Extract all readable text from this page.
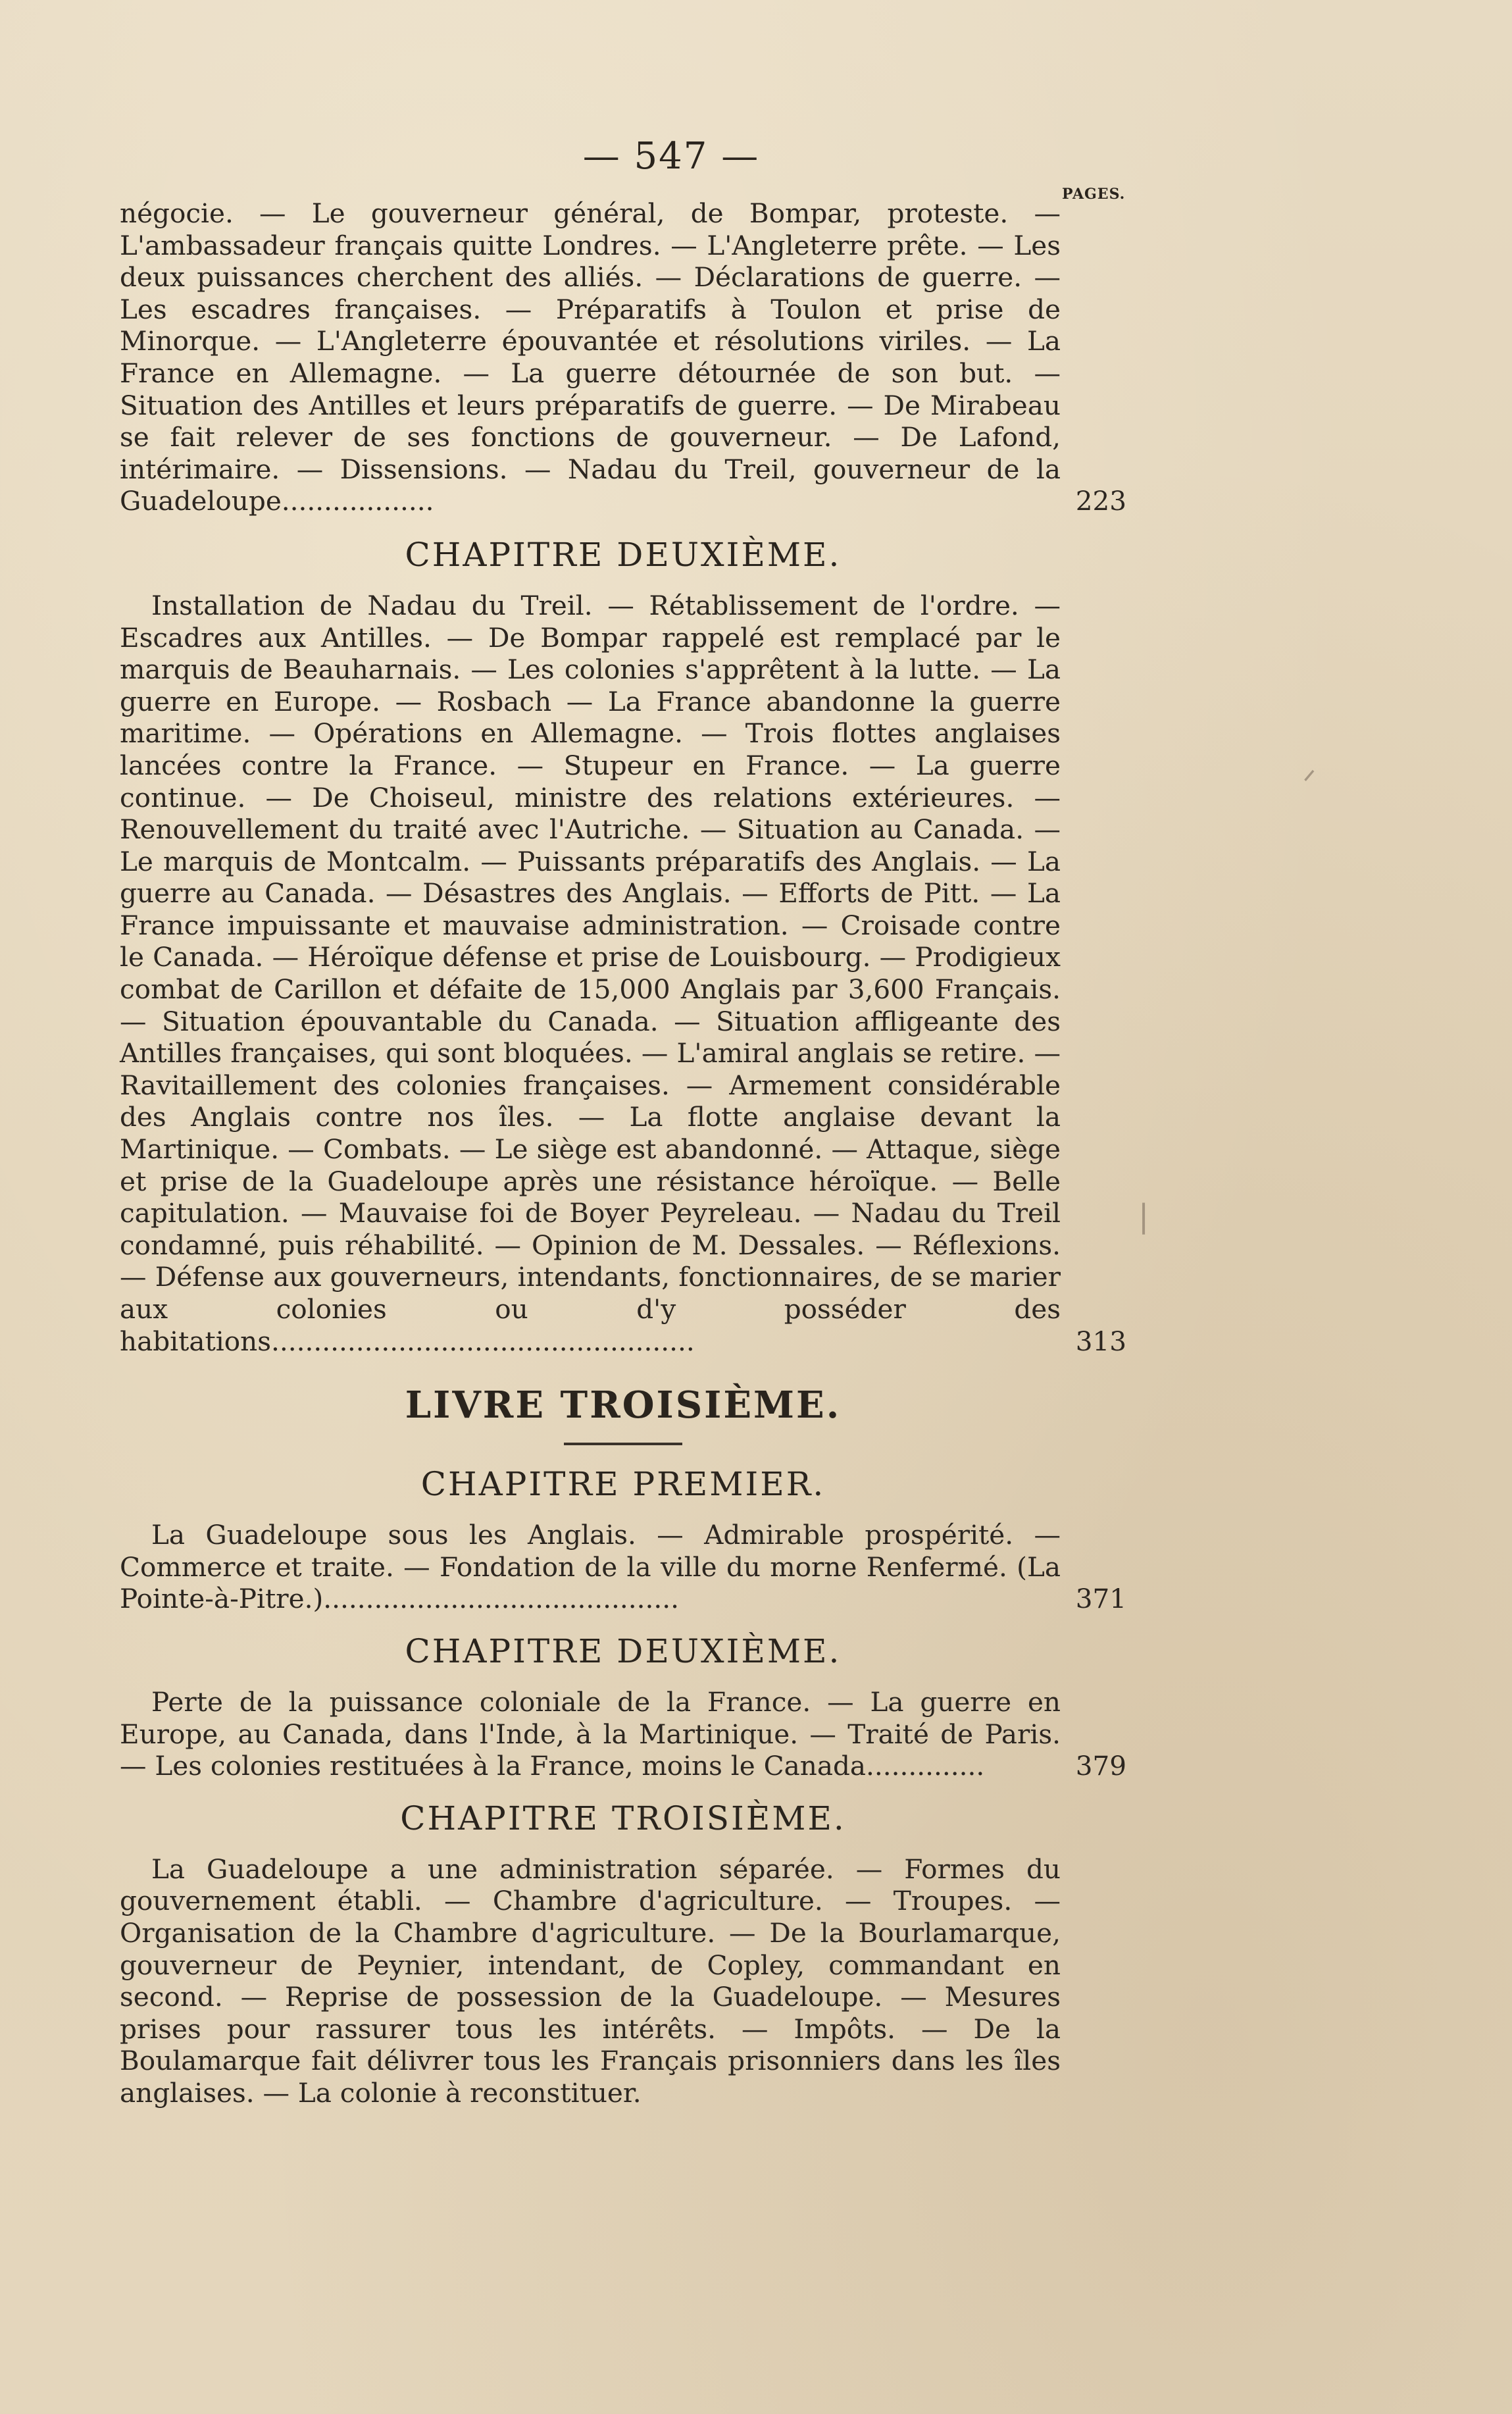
— 547 —
PAGES.
|
ᐟ

négocie. — Le gouverneur général, de Bompar, proteste. — L'ambassadeur français quitte Londres. — L'Angleterre prête. — Les deux puissances cherchent des alliés. — Déclarations de guerre. — Les escadres françaises. — Préparatifs à Toulon et prise de Minorque. — L'Angleterre épouvantée et résolutions viriles. — La France en Allemagne. — La guerre détournée de son but. — Situation des Antilles et leurs préparatifs de guerre. — De Mirabeau se fait relever de ses fonctions de gouverneur. — De Lafond, intérimaire. — Dissensions. — Nadau du Treil, gouverneur de la Guadeloupe..................	223
CHAPITRE DEUXIÈME.

Installation de Nadau du Treil. — Rétablissement de l'ordre. — Escadres aux Antilles. — De Bompar rappelé est remplacé par le marquis de Beauharnais. — Les colonies s'apprêtent à la lutte. — La guerre en Europe. — Rosbach — La France abandonne la guerre maritime. — Opérations en Allemagne. — Trois flottes anglaises lancées contre la France. — Stupeur en France. — La guerre continue. — De Choiseul, ministre des relations extérieures. — Renouvellement du traité avec l'Autriche. — Situation au Canada. — Le marquis de Montcalm. — Puissants préparatifs des Anglais. — La guerre au Canada. — Désastres des Anglais. — Efforts de Pitt. — La France impuissante et mauvaise administration. — Croisade contre le Canada. — Héroïque défense et prise de Louisbourg. — Prodigieux combat de Carillon et défaite de 15,000 Anglais par 3,600 Français. — Situation épouvantable du Canada. — Situation affligeante des Antilles françaises, qui sont bloquées. — L'amiral anglais se retire. — Ravitaillement des colonies françaises. — Armement considérable des Anglais contre nos îles. — La flotte anglaise devant la Martinique. — Combats. — Le siège est abandonné. — Attaque, siège et prise de la Guadeloupe après une résistance héroïque. — Belle capitulation. — Mauvaise foi de Boyer Peyreleau. — Nadau du Treil condamné, puis réhabilité. — Opinion de M. Dessales. — Réflexions. — Défense aux gouverneurs, intendants, fonctionnaires, de se marier aux colonies ou d'y posséder des habitations..................................................	313
LIVRE TROISIÈME.
CHAPITRE PREMIER.

La Guadeloupe sous les Anglais. — Admirable prospérité. — Commerce et traite. — Fondation de la ville du morne Renfermé. (La Pointe-à-Pitre.)..........................................	371
CHAPITRE DEUXIÈME.

Perte de la puissance coloniale de la France. — La guerre en Europe, au Canada, dans l'Inde, à la Martinique. — Traité de Paris. — Les colonies restituées à la France, moins le Canada..............	379
CHAPITRE TROISIÈME.

La Guadeloupe a une administration séparée. — Formes du gouvernement établi. — Chambre d'agriculture. — Troupes. — Organisation de la Chambre d'agriculture. — De la Bourlamarque, gouverneur de Peynier, intendant, de Copley, commandant en second. — Reprise de possession de la Guadeloupe. — Mesures prises pour rassurer tous les intérêts. — Impôts. — De la Boulamarque fait délivrer tous les Français prisonniers dans les îles anglaises. — La colonie à reconstituer.
